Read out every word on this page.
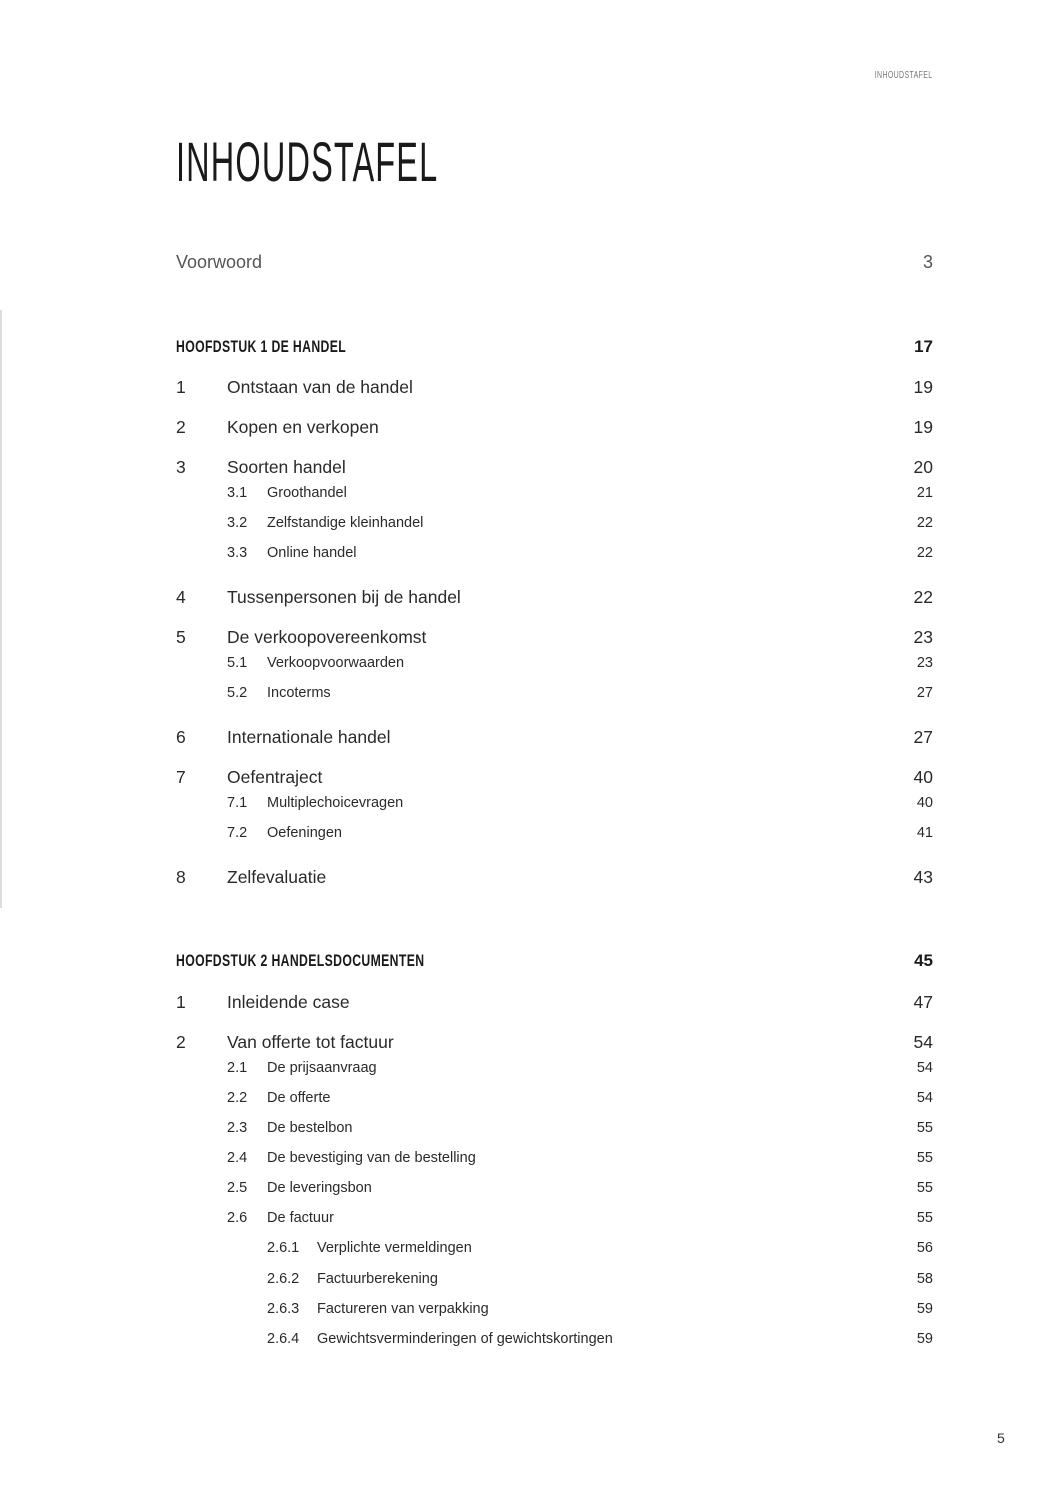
INHOUDSTAFEL
INHOUDSTAFEL
Voorwoord	3
HOOFDSTUK 1 DE HANDEL	17
1 Ontstaan van de handel	19
2 Kopen en verkopen	19
3 Soorten handel	20
3.1 Groothandel	21
3.2 Zelfstandige kleinhandel	22
3.3 Online handel	22
4 Tussenpersonen bij de handel	22
5 De verkoopovereenkomst	23
5.1 Verkoopvoorwaarden	23
5.2 Incoterms	27
6 Internationale handel	27
7 Oefentraject	40
7.1 Multiplechoicevragen	40
7.2 Oefeningen	41
8 Zelfevaluatie	43
HOOFDSTUK 2 HANDELSDOCUMENTEN	45
1 Inleidende case	47
2 Van offerte tot factuur	54
2.1 De prijsaanvraag	54
2.2 De offerte	54
2.3 De bestelbon	55
2.4 De bevestiging van de bestelling	55
2.5 De leveringsbon	55
2.6 De factuur	55
2.6.1 Verplichte vermeldingen	56
2.6.2 Factuurberekening	58
2.6.3 Factureren van verpakking	59
2.6.4 Gewichtsverminderingen of gewichtskortingen	59
5
